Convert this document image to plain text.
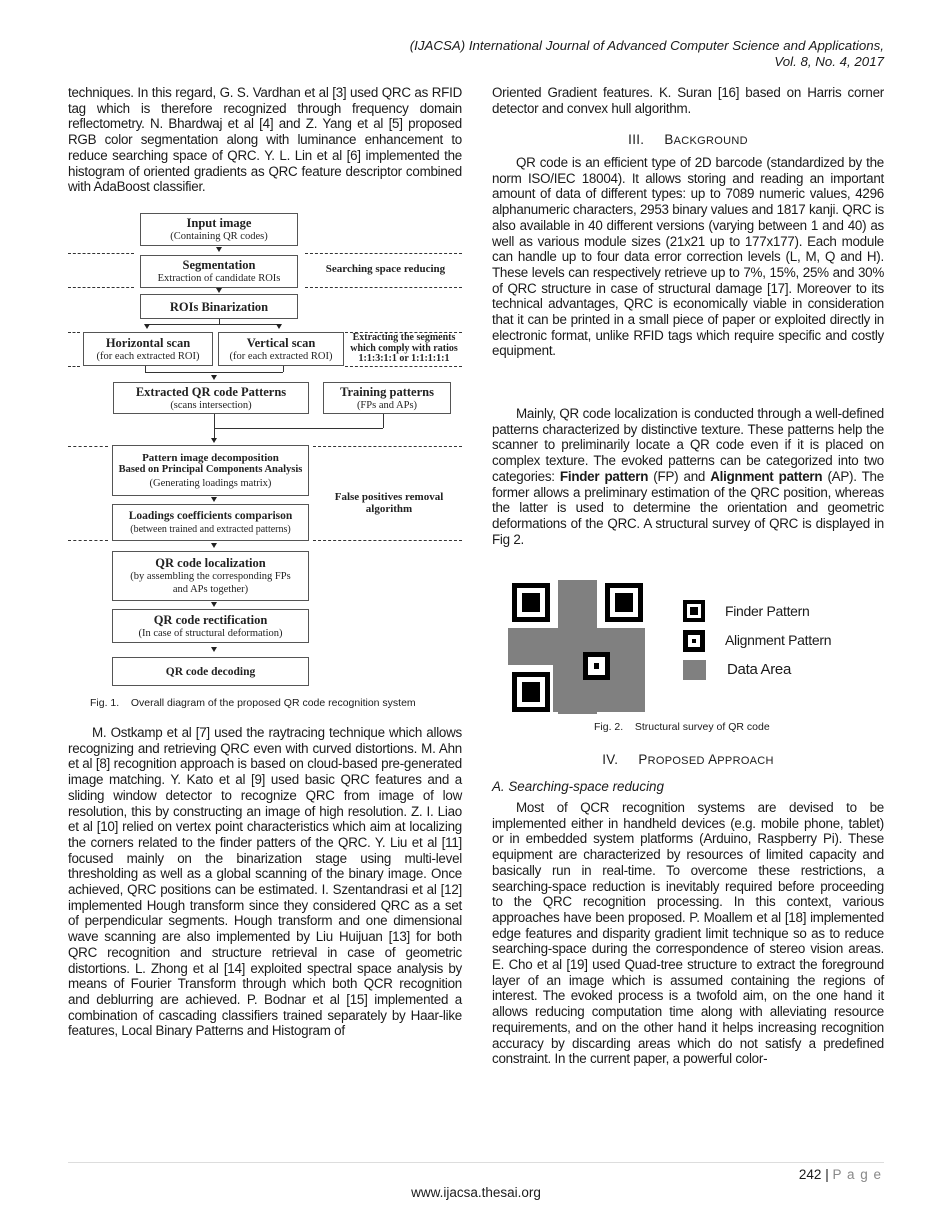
(IJACSA) International Journal of Advanced Computer Science and Applications,
Vol. 8, No. 4, 2017

techniques. In this regard, G. S. Vardhan et al [3] used QRC as RFID tag which is therefore recognized through frequency domain reflectometry. N. Bhardwaj et al [4] and Z. Yang et al [5] proposed RGB color segmentation along with luminance enhancement to reduce searching space of QRC. Y. L. Lin et al [6] implemented the histogram of oriented gradients as QRC feature descriptor combined with AdaBoost classifier.

Input image
(Containing QR codes)
Segmentation
Extraction of candidate ROIs
Searching space reducing
ROIs Binarization
Horizontal scan
(for each extracted ROI)
Vertical scan
(for each extracted ROI)
Extracting the segments which comply with ratios 1:1:3:1:1 or 1:1:1:1:1
Extracted QR code Patterns
(scans intersection)
Training patterns
(FPs and APs)
Pattern image decomposition
Based on Principal Components Analysis
(Generating loadings matrix)
False positives removal algorithm
Loadings coefficients comparison
(between trained and extracted patterns)
QR code localization
(by assembling the corresponding FPs and APs together)
QR code rectification
(In case of structural deformation)
QR code decoding
Fig. 1. Overall diagram of the proposed QR code recognition system

M. Ostkamp et al [7] used the raytracing technique which allows recognizing and retrieving QRC even with curved distortions. M. Ahn et al [8] recognition approach is based on cloud-based pre-generated image matching. Y. Kato et al [9] used basic QRC features and a sliding window detector to recognize QRC from image of low resolution, this by constructing an image of high resolution. Z. I. Liao et al [10] relied on vertex point characteristics which aim at localizing the corners related to the finder patters of the QRC. Y. Liu et al [11] focused mainly on the binarization stage using multi-level thresholding as well as a global scanning of the binary image. Once achieved, QRC positions can be estimated. I. Szentandrasi et al [12] implemented Hough transform since they considered QRC as a set of perpendicular segments. Hough transform and one dimensional wave scanning are also implemented by Liu Huijuan [13] for both QRC recognition and structure retrieval in case of geometric distortions. L. Zhong et al [14] exploited spectral space analysis by means of Fourier Transform through which both QCR recognition and deblurring are achieved. P. Bodnar et al [15] implemented a combination of cascading classifiers trained separately by Haar-like features, Local Binary Patterns and Histogram of

Oriented Gradient features. K. Suran [16] based on Harris corner detector and convex hull algorithm.

III. BACKGROUND

QR code is an efficient type of 2D barcode (standardized by the norm ISO/IEC 18004). It allows storing and reading an important amount of data of different types: up to 7089 numeric values, 4296 alphanumeric characters, 2953 binary values and 1817 kanji. QRC is also available in 40 different versions (varying between 1 and 40) as well as various module sizes (21x21 up to 177x177). Each module can handle up to four data error correction levels (L, M, Q and H). These levels can respectively retrieve up to 7%, 15%, 25% and 30% of QRC structure in case of structural damage [17]. Moreover to its technical advantages, QRC is economically viable in consideration that it can be printed in a small piece of paper or exploited directly in electronic format, unlike RFID tags which require specific and costly equipment.

Mainly, QR code localization is conducted through a well-defined patterns characterized by distinctive texture. These patterns help the scanner to preliminarily locate a QR code even if it is placed on complex texture. The evoked patterns can be categorized into two categories: Finder pattern (FP) and Alignment pattern (AP). The former allows a preliminary estimation of the QRC position, whereas the latter is used to determine the orientation and geometric deformations of the QRC. A structural survey of QRC is displayed in Fig 2.

Finder Pattern
Alignment Pattern
Data Area
Fig. 2. Structural survey of QR code
IV. PROPOSED APPROACH
A. Searching-space reducing

Most of QCR recognition systems are devised to be implemented either in handheld devices (e.g. mobile phone, tablet) or in embedded system platforms (Arduino, Raspberry Pi). These equipment are characterized by resources of limited capacity and basically run in real-time. To overcome these restrictions, a searching-space reduction is inevitably required before proceeding to the QRC recognition processing. In this context, various approaches have been proposed. P. Moallem et al [18] implemented edge features and disparity gradient limit technique so as to reduce searching-space during the correspondence of stereo vision areas. E. Cho et al [19] used Quad-tree structure to extract the foreground layer of an image which is assumed containing the regions of interest. The evoked process is a twofold aim, on the one hand it allows reducing computation time along with alleviating resource requirements, and on the other hand it helps increasing recognition accuracy by discarding areas which do not satisfy a predefined constraint. In the current paper, a powerful color-

242 | P a g e
www.ijacsa.thesai.org
